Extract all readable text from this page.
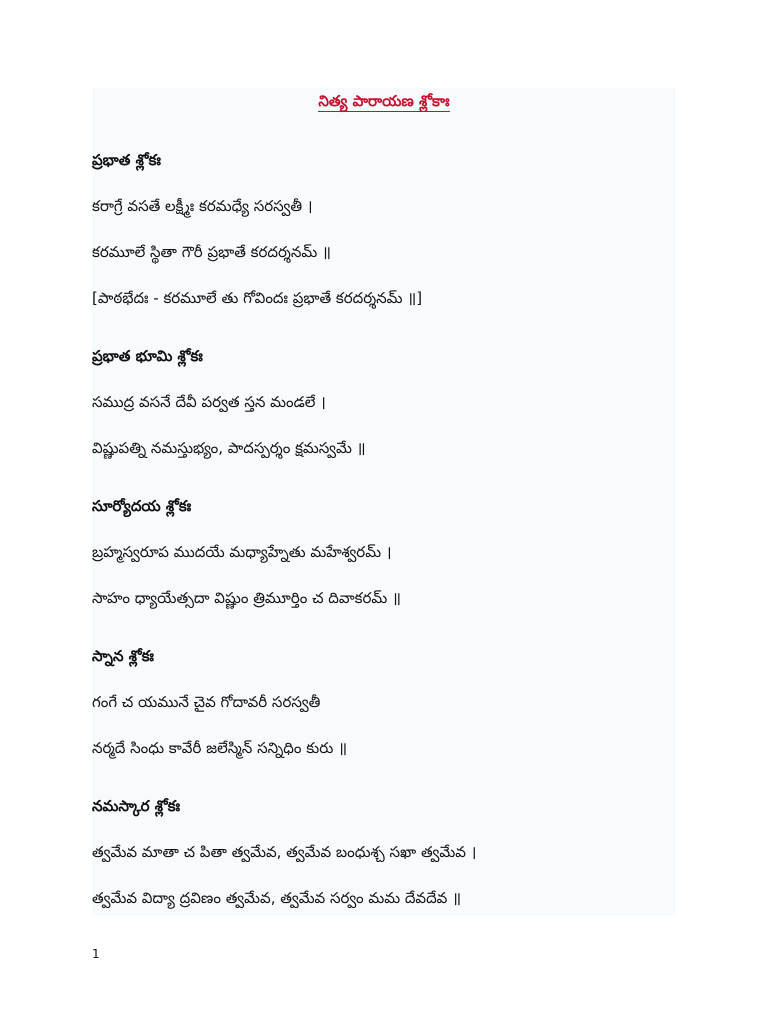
నిత్య పారాయణ శ్లోకాః
ప్రభాత శ్లోకః
కరాగ్రే వసతే లక్ష్మీః కరమధ్యే సరస్వతీ ।
కరమూలే స్థితా గౌరీ ప్రభాతే కరదర్శనమ్ ॥
[పాఠభేదః - కరమూలే తు గోవిందః ప్రభాతే కరదర్శనమ్ ॥]
ప్రభాత భూమి శ్లోకః
సముద్ర వసనే దేవీ పర్వత స్తన మండలే ।
విష్ణుపత్ని నమస్తుభ్యం, పాదస్పర్శం క్షమస్వమే ॥
సూర్యోదయ శ్లోకః
బ్రహ్మస్వరూప ముదయే మధ్యాహ్నేతు మహేశ్వరమ్ ।
సాహం ధ్యాయేత్సదా విష్ణుం త్రిమూర్తిం చ దివాకరమ్ ॥
స్నాన శ్లోకః
గంగే చ యమునే చైవ గోదావరీ సరస్వతీ
నర్మదే సింధు కావేరీ జలేస్మిన్ సన్నిధిం కురు ॥
నమస్కార శ్లోకః
త్వమేవ మాతా చ పితా త్వమేవ, త్వమేవ బంధుశ్చ సఖా త్వమేవ ।
త్వమేవ విద్యా ద్రవిణం త్వమేవ, త్వమేవ సర్వం మమ దేవదేవ ॥
1
